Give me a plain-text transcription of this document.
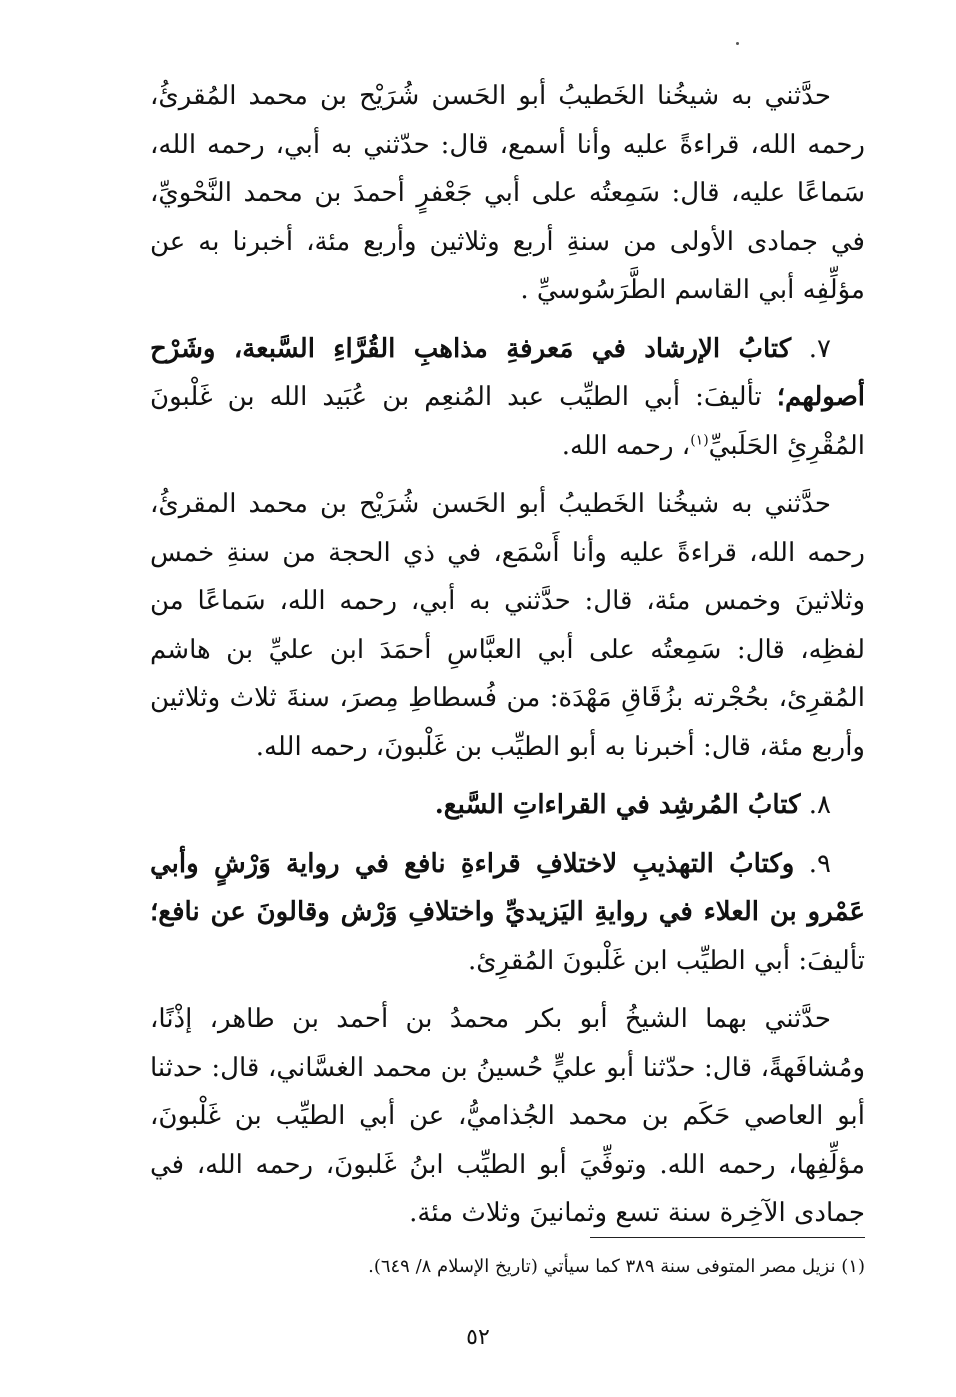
حدَّثني به شيخُنا الخَطيبُ أبو الحَسن شُرَيْح بن محمد المُقرئُ، رحمه الله، قراءةً عليه وأنا أسمع، قال: حدّثني به أبي، رحمه الله، سَماعًا عليه، قال: سَمِعتُه على أبي جَعْفرٍ أحمدَ بن محمد النَّحْويِّ، في جمادى الأولى من سنةِ أربع وثلاثين وأربع مئة، أخبرنا به عن مؤلِّفِه أبي القاسم الطَّرَسُوسيِّ .

٧. كتابُ الإرشاد في مَعرفةِ مذاهبِ القُرَّاءِ السَّبعة، وشَرْح أصولهم؛ تأليفَ: أبي الطيِّب عبد المُنعِم بن عُبَيد الله بن غَلْبونَ المُقْرِئِ الحَلَبيِّ$^{(١)}$، رحمه الله.

حدَّثني به شيخُنا الخَطيبُ أبو الحَسن شُرَيْح بن محمد المقرئُ، رحمه الله، قراءةً عليه وأنا أَسْمَع، في ذي الحجة من سنةِ خمس وثلاثينَ وخمس مئة، قال: حدَّثني به أبي، رحمه الله، سَماعًا من لفظِه، قال: سَمِعتُه على أبي العبَّاسِ أحمَدَ ابن عليِّ بن هاشم المُقرِئ، بحُجْرته بزُقَاقِ مَهْدَة: من فُسطاطِ مِصرَ، سنةَ ثلاث وثلاثين وأربع مئة، قال: أخبرنا به أبو الطيِّب بن غَلْبونَ، رحمه الله.

٨. كتابُ المُرشِد في القراءاتِ السَّبع.

٩. وكتابُ التهذيبِ لاختلافِ قراءةِ نافع في رواية وَرْشٍ وأبي عَمْرو بن العلاء في روايةِ اليَزيديِّ واختلافِ وَرْش وقالونَ عن نافع؛ تأليفَ: أبي الطيِّب ابن غَلْبونَ المُقرِئ.

حدَّثني بهما الشيخُ أبو بكر محمدُ بن أحمد بن طاهر، إذْنًا، ومُشافَهةً، قال: حدّثنا أبو عليٍّ حُسينُ بن محمد الغسَّاني، قال: حدثنا أبو العاصي حَكَم بن محمد الجُذاميُّ، عن أبي الطيِّب بن غَلْبونَ، مؤلِّفِها، رحمه الله. وتوفِّيَ أبو الطيِّب ابنُ غَلبونَ، رحمه الله، في جمادى الآخِرة سنة تسع وثمانينَ وثلاث مئة.

(١) نزيل مصر المتوفى سنة ٣٨٩ كما سيأتي (تاريخ الإسلام ٨/ ٦٤٩).
٥٢
